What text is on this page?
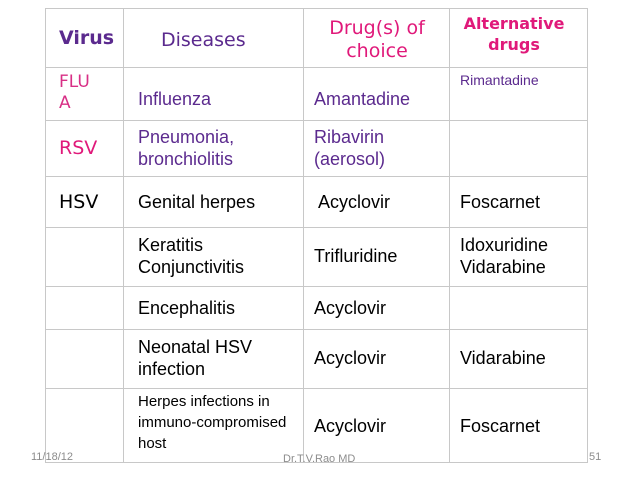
Virus	Diseases	Drug(s) of choice	Alternative drugs

FLU A	Influenza	Amantadine	Rimantadine

RSV	Pneumonia, bronchiolitis	Ribavirin (aerosol)	

HSV	Genital herpes	Acyclovir	Foscarnet

	Keratitis Conjunctivitis	Trifluridine	Idoxuridine Vidarabine

	Encephalitis	Acyclovir	

	Neonatal HSV infection	Acyclovir	Vidarabine

	Herpes infections in immuno-compromised host	Acyclovir	Foscarnet
11/18/12	Dr.T.V.Rao MD	51
